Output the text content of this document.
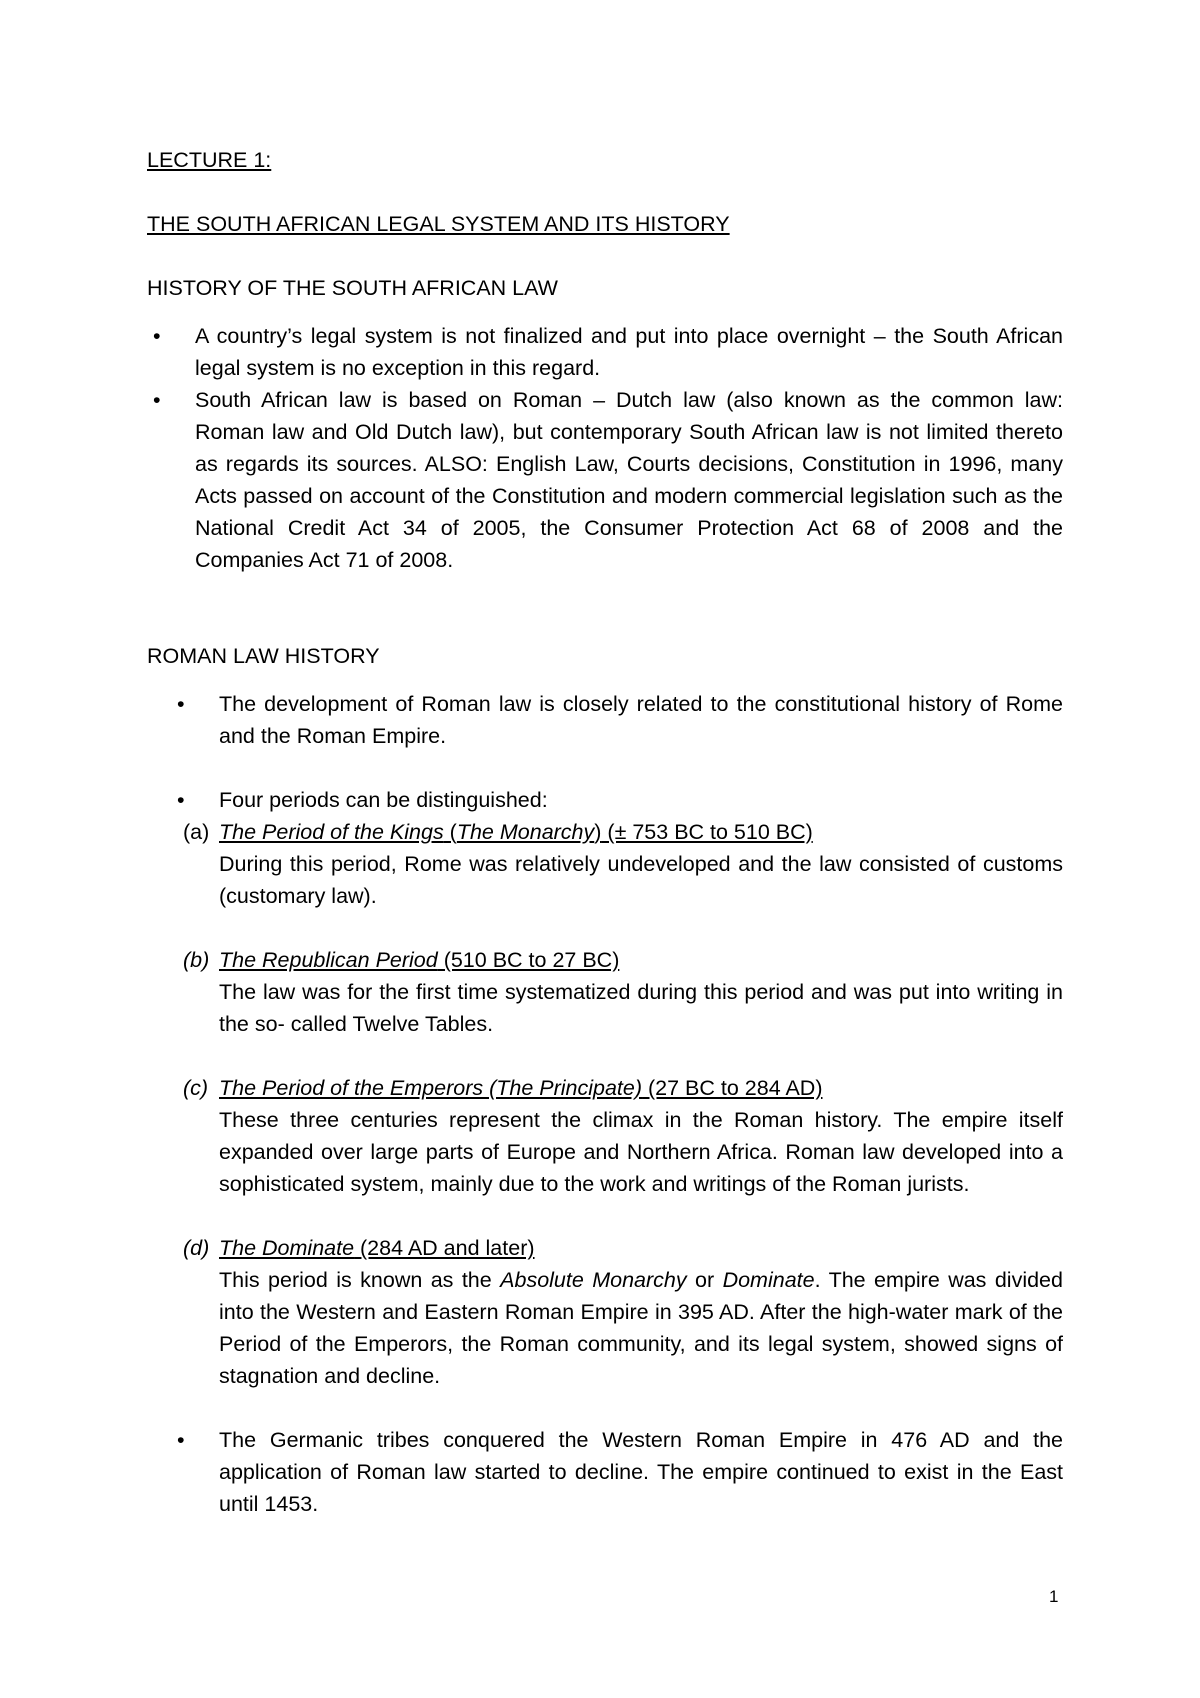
LECTURE 1:

THE SOUTH AFRICAN LEGAL SYSTEM AND ITS HISTORY

HISTORY OF THE SOUTH AFRICAN LAW

• A country’s legal system is not finalized and put into place overnight – the South African legal system is no exception in this regard.
• South African law is based on Roman – Dutch law (also known as the common law: Roman law and Old Dutch law), but contemporary South African law is not limited thereto as regards its sources. ALSO: English Law, Courts decisions, Constitution in 1996, many Acts passed on account of the Constitution and modern commercial legislation such as the National Credit Act 34 of 2005, the Consumer Protection Act 68 of 2008 and the Companies Act 71 of 2008.

ROMAN LAW HISTORY

• The development of Roman law is closely related to the constitutional history of Rome and the Roman Empire.
• Four periods can be distinguished:
(a) The Period of the Kings (The Monarchy) (± 753 BC to 510 BC)
During this period, Rome was relatively undeveloped and the law consisted of customs (customary law).
(b) The Republican Period (510 BC to 27 BC)
The law was for the first time systematized during this period and was put into writing in the so- called Twelve Tables.
(c) The Period of the Emperors (The Principate) (27 BC to 284 AD)
These three centuries represent the climax in the Roman history. The empire itself expanded over large parts of Europe and Northern Africa. Roman law developed into a sophisticated system, mainly due to the work and writings of the Roman jurists.
(d) The Dominate (284 AD and later)
This period is known as the Absolute Monarchy or Dominate. The empire was divided into the Western and Eastern Roman Empire in 395 AD. After the high-water mark of the Period of the Emperors, the Roman community, and its legal system, showed signs of stagnation and decline.
• The Germanic tribes conquered the Western Roman Empire in 476 AD and the application of Roman law started to decline. The empire continued to exist in the East until 1453.
1
